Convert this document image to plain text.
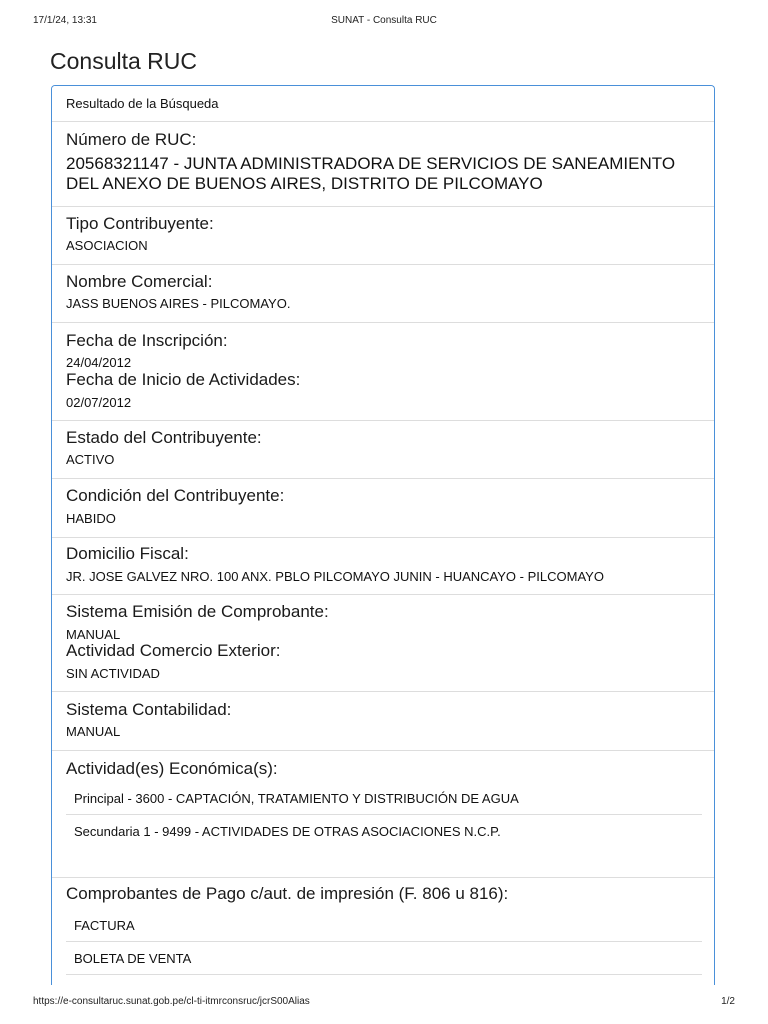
17/1/24, 13:31	SUNAT - Consulta RUC
Consulta RUC
Resultado de la Búsqueda
Número de RUC:
20568321147 - JUNTA ADMINISTRADORA DE SERVICIOS DE SANEAMIENTO
DEL ANEXO DE BUENOS AIRES, DISTRITO DE PILCOMAYO
Tipo Contribuyente:
ASOCIACION
Nombre Comercial:
JASS BUENOS AIRES - PILCOMAYO.
Fecha de Inscripción:
24/04/2012
Fecha de Inicio de Actividades:
02/07/2012
Estado del Contribuyente:
ACTIVO
Condición del Contribuyente:
HABIDO
Domicilio Fiscal:
JR. JOSE GALVEZ NRO. 100 ANX. PBLO PILCOMAYO JUNIN - HUANCAYO - PILCOMAYO
Sistema Emisión de Comprobante:
MANUAL
Actividad Comercio Exterior:
SIN ACTIVIDAD
Sistema Contabilidad:
MANUAL
Actividad(es) Económica(s):
Principal - 3600 - CAPTACIÓN, TRATAMIENTO Y DISTRIBUCIÓN DE AGUA
Secundaria 1 - 9499 - ACTIVIDADES DE OTRAS ASOCIACIONES N.C.P.
Comprobantes de Pago c/aut. de impresión (F. 806 u 816):
FACTURA
BOLETA DE VENTA
https://e-consultaruc.sunat.gob.pe/cl-ti-itmrconsruc/jcrS00Alias	1/2
